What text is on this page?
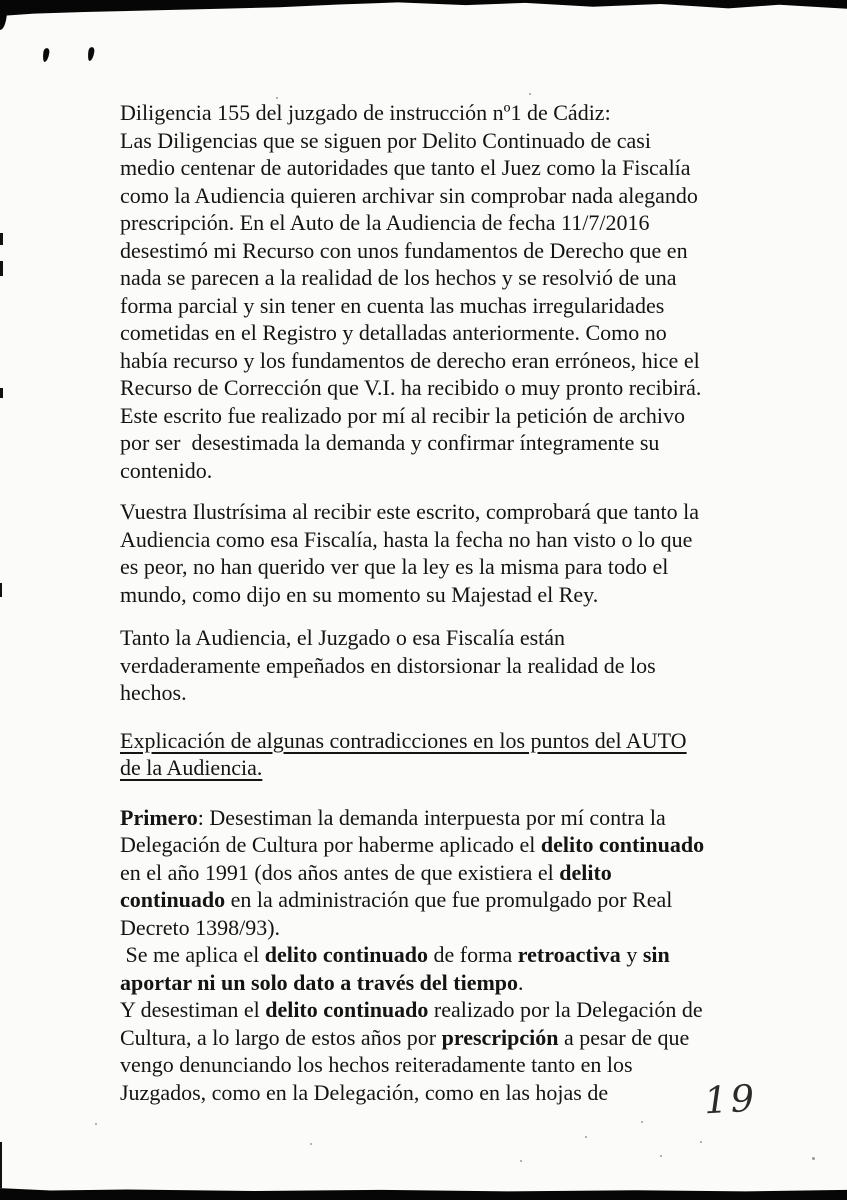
Diligencia 155 del juzgado de instrucción nº1 de Cádiz:
Las Diligencias que se siguen por Delito Continuado de casi
medio centenar de autoridades que tanto el Juez como la Fiscalía
como la Audiencia quieren archivar sin comprobar nada alegando
prescripción. En el Auto de la Audiencia de fecha 11/7/2016
desestimó mi Recurso con unos fundamentos de Derecho que en
nada se parecen a la realidad de los hechos y se resolvió de una
forma parcial y sin tener en cuenta las muchas irregularidades
cometidas en el Registro y detalladas anteriormente. Como no
había recurso y los fundamentos de derecho eran erróneos, hice el
Recurso de Corrección que V.I. ha recibido o muy pronto recibirá.
Este escrito fue realizado por mí al recibir la petición de archivo
por ser  desestimada la demanda y confirmar íntegramente su
contenido.
Vuestra Ilustrísima al recibir este escrito, comprobará que tanto la
Audiencia como esa Fiscalía, hasta la fecha no han visto o lo que
es peor, no han querido ver que la ley es la misma para todo el
mundo, como dijo en su momento su Majestad el Rey.
Tanto la Audiencia, el Juzgado o esa Fiscalía están
verdaderamente empeñados en distorsionar la realidad de los
hechos.
Explicación de algunas contradicciones en los puntos del AUTO
de la Audiencia.
Primero: Desestiman la demanda interpuesta por mí contra la
Delegación de Cultura por haberme aplicado el delito continuado
en el año 1991 (dos años antes de que existiera el delito
continuado en la administración que fue promulgado por Real
Decreto 1398/93).
Se me aplica el delito continuado de forma retroactiva y sin
aportar ni un solo dato a través del tiempo.
Y desestiman el delito continuado realizado por la Delegación de
Cultura, a lo largo de estos años por prescripción a pesar de que
vengo denunciando los hechos reiteradamente tanto en los
Juzgados, como en la Delegación, como en las hojas de	19
